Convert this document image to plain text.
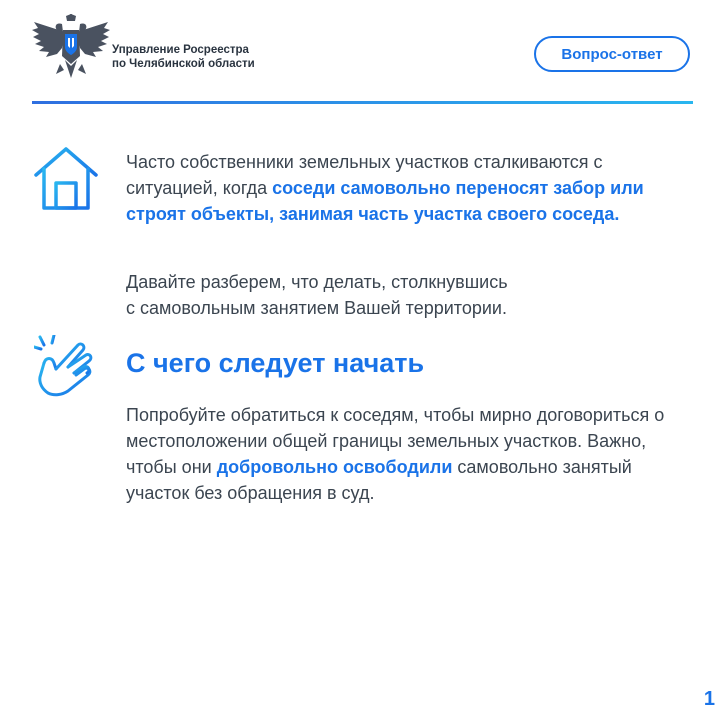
Управление Росреестра
по Челябинской области
Вопрос-ответ

Часто собственники земельных участков сталкиваются с ситуацией, когда соседи самовольно переносят забор или строят объекты, занимая часть участка своего соседа.

Давайте разберем, что делать, столкнувшись
с самовольным занятием Вашей территории.

С чего следует начать

Попробуйте обратиться к соседям, чтобы мирно договориться о местоположении общей границы земельных участков. Важно, чтобы они добровольно освободили самовольно занятый участок без обращения в суд.

1
